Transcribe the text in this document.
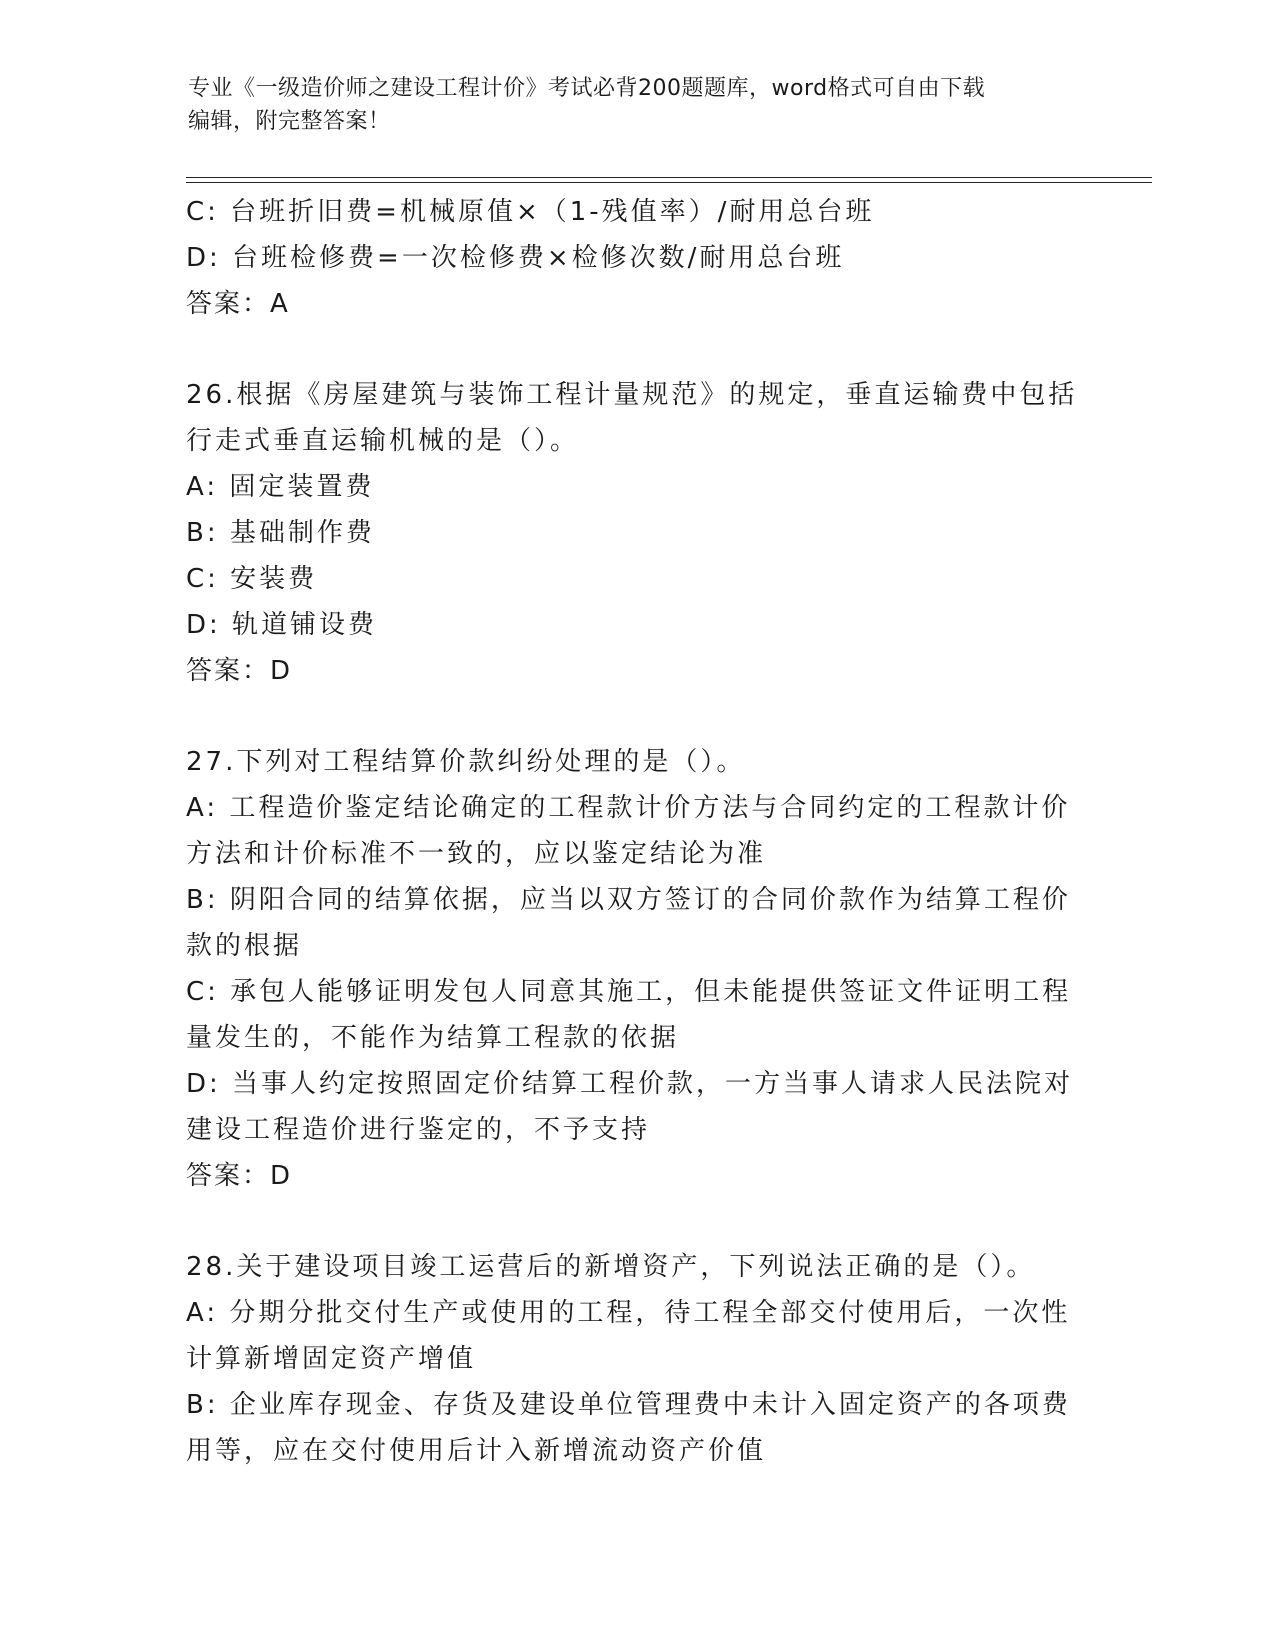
专业《一级造价师之建设工程计价》考试必背200题题库，word格式可自由下载
编辑，附完整答案！

C: 台班折旧费=机械原值×（1-残值率）/耐用总台班

D: 台班检修费=一次检修费×检修次数/耐用总台班

答案：A

26.根据《房屋建筑与装饰工程计量规范》的规定，垂直运输费中包括

行走式垂直运输机械的是（）。

A: 固定装置费

B: 基础制作费

C: 安装费

D: 轨道铺设费

答案：D

27.下列对工程结算价款纠纷处理的是（）。

A: 工程造价鉴定结论确定的工程款计价方法与合同约定的工程款计价

方法和计价标准不一致的，应以鉴定结论为准

B: 阴阳合同的结算依据，应当以双方签订的合同价款作为结算工程价

款的根据

C: 承包人能够证明发包人同意其施工，但未能提供签证文件证明工程

量发生的，不能作为结算工程款的依据

D: 当事人约定按照固定价结算工程价款，一方当事人请求人民法院对

建设工程造价进行鉴定的，不予支持

答案：D

28.关于建设项目竣工运营后的新增资产，下列说法正确的是（）。

A: 分期分批交付生产或使用的工程，待工程全部交付使用后，一次性

计算新增固定资产增值

B: 企业库存现金、存货及建设单位管理费中未计入固定资产的各项费

用等，应在交付使用后计入新增流动资产价值
